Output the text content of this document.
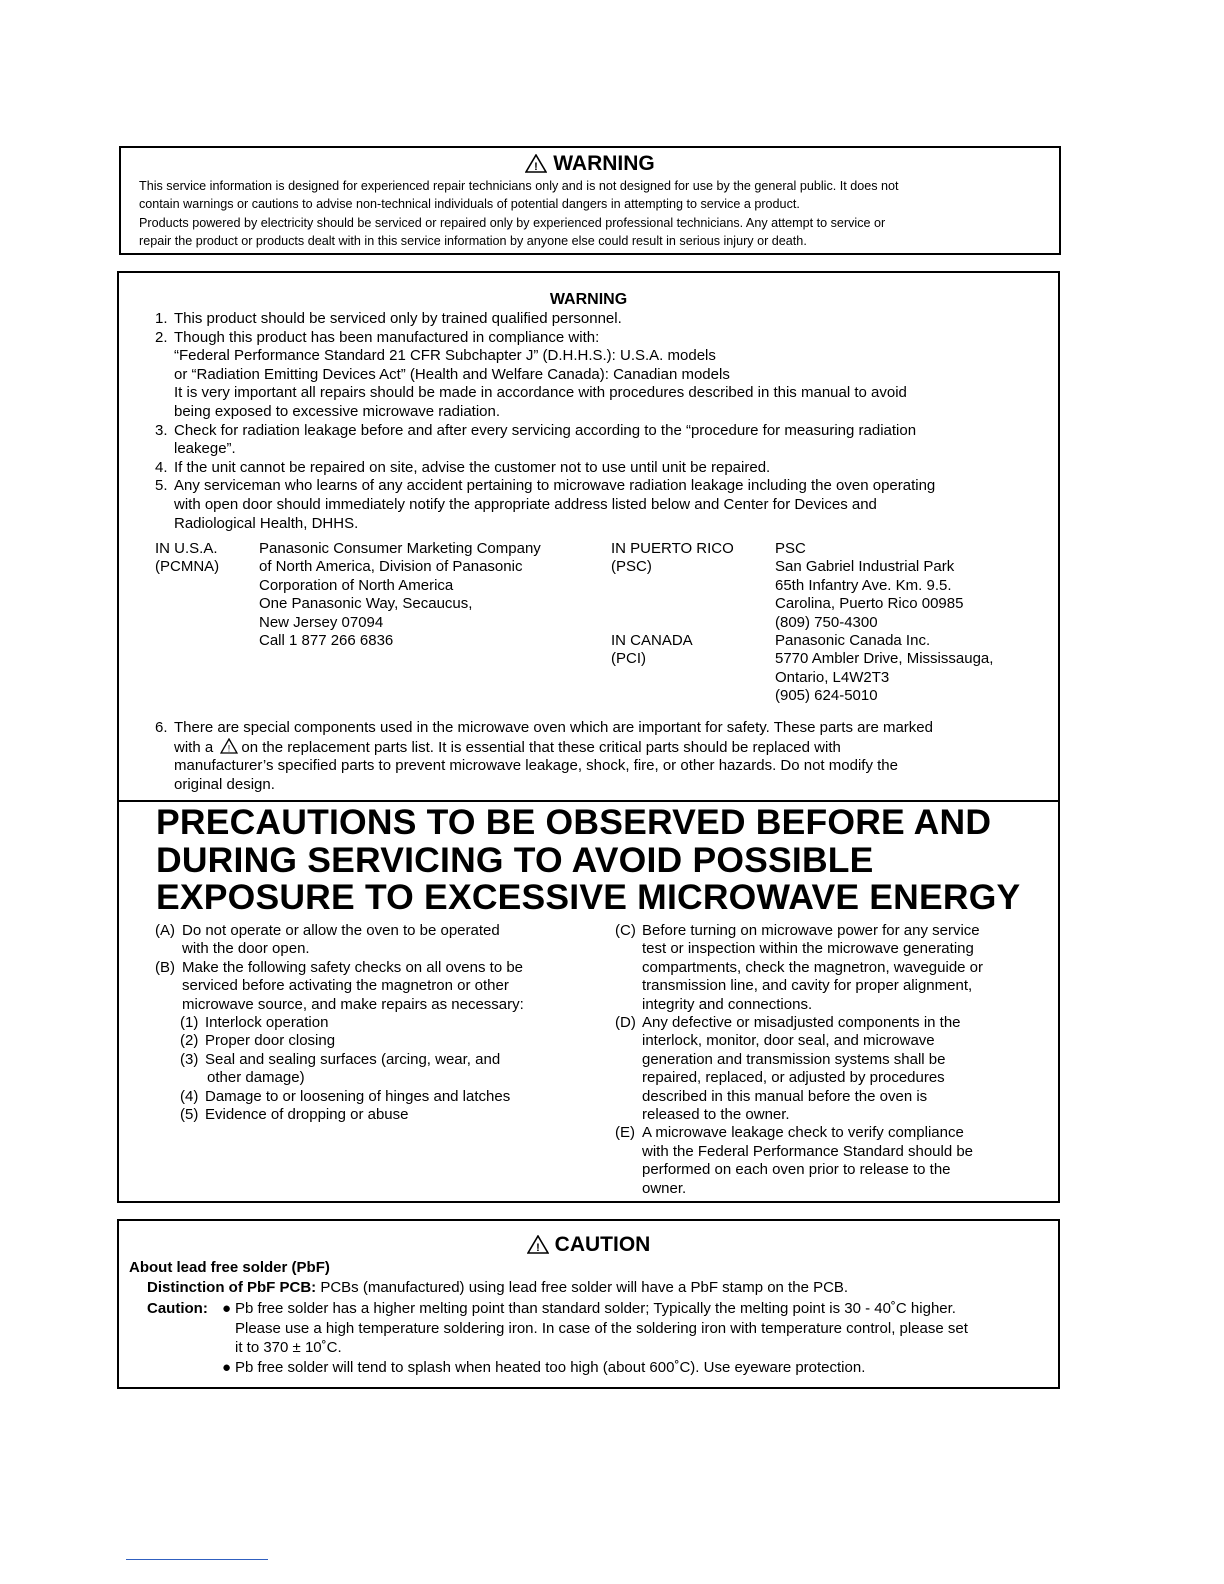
! WARNING
This service information is designed for experienced repair technicians only and is not designed for use by the general public. It does not
contain warnings or cautions to advise non-technical individuals of potential dangers in attempting to service a product.
Products powered by electricity should be serviced or repaired only by experienced professional technicians. Any attempt to service or
repair the product or products dealt with in this service information by anyone else could result in serious injury or death.
WARNING
1. This product should be serviced only by trained qualified personnel.
2. Though this product has been manufactured in compliance with:
“Federal Performance Standard 21 CFR Subchapter J” (D.H.H.S.): U.S.A. models
or “Radiation Emitting Devices Act” (Health and Welfare Canada): Canadian models
It is very important all repairs should be made in accordance with procedures described in this manual to avoid
being exposed to excessive microwave radiation.
3. Check for radiation leakage before and after every servicing according to the “procedure for measuring radiation
leakege”.
4. If the unit cannot be repaired on site, advise the customer not to use until unit be repaired.
5. Any serviceman who learns of any accident pertaining to microwave radiation leakage including the oven operating
with open door should immediately notify the appropriate address listed below and Center for Devices and
Radiological Health, DHHS.
IN U.S.A.
(PCMNA)
Panasonic Consumer Marketing Company
of North America, Division of Panasonic
Corporation of North America
One Panasonic Way, Secaucus,
New Jersey 07094
Call 1 877 266 6836
IN PUERTO RICO
(PSC)
PSC
San Gabriel Industrial Park
65th Infantry Ave. Km. 9.5.
Carolina, Puerto Rico 00985
(809) 750-4300
IN CANADA
(PCI)
Panasonic Canada Inc.
5770 Ambler Drive, Mississauga,
Ontario, L4W2T3
(905) 624-5010
6. There are special components used in the microwave oven which are important for safety. These parts are marked
with a ! on the replacement parts list. It is essential that these critical parts should be replaced with
manufacturer’s specified parts to prevent microwave leakage, shock, fire, or other hazards. Do not modify the
original design.
PRECAUTIONS TO BE OBSERVED BEFORE AND
DURING SERVICING TO AVOID POSSIBLE
EXPOSURE TO EXCESSIVE MICROWAVE ENERGY
(A) Do not operate or allow the oven to be operated
with the door open.
(B) Make the following safety checks on all ovens to be
serviced before activating the magnetron or other
microwave source, and make repairs as necessary:
(1) Interlock operation
(2) Proper door closing
(3) Seal and sealing surfaces (arcing, wear, and
other damage)
(4) Damage to or loosening of hinges and latches
(5) Evidence of dropping or abuse
(C) Before turning on microwave power for any service
test or inspection within the microwave generating
compartments, check the magnetron, waveguide or
transmission line, and cavity for proper alignment,
integrity and connections.
(D) Any defective or misadjusted components in the
interlock, monitor, door seal, and microwave
generation and transmission systems shall be
repaired, replaced, or adjusted by procedures
described in this manual before the oven is
released to the owner.
(E) A microwave leakage check to verify compliance
with the Federal Performance Standard should be
performed on each oven prior to release to the
owner.
! CAUTION
About lead free solder (PbF)
Distinction of PbF PCB: PCBs (manufactured) using lead free solder will have a PbF stamp on the PCB.
Caution: ● Pb free solder has a higher melting point than standard solder; Typically the melting point is 30 - 40˚C higher.
Please use a high temperature soldering iron. In case of the soldering iron with temperature control, please set
it to 370 ± 10˚C.
● Pb free solder will tend to splash when heated too high (about 600˚C). Use eyeware protection.
